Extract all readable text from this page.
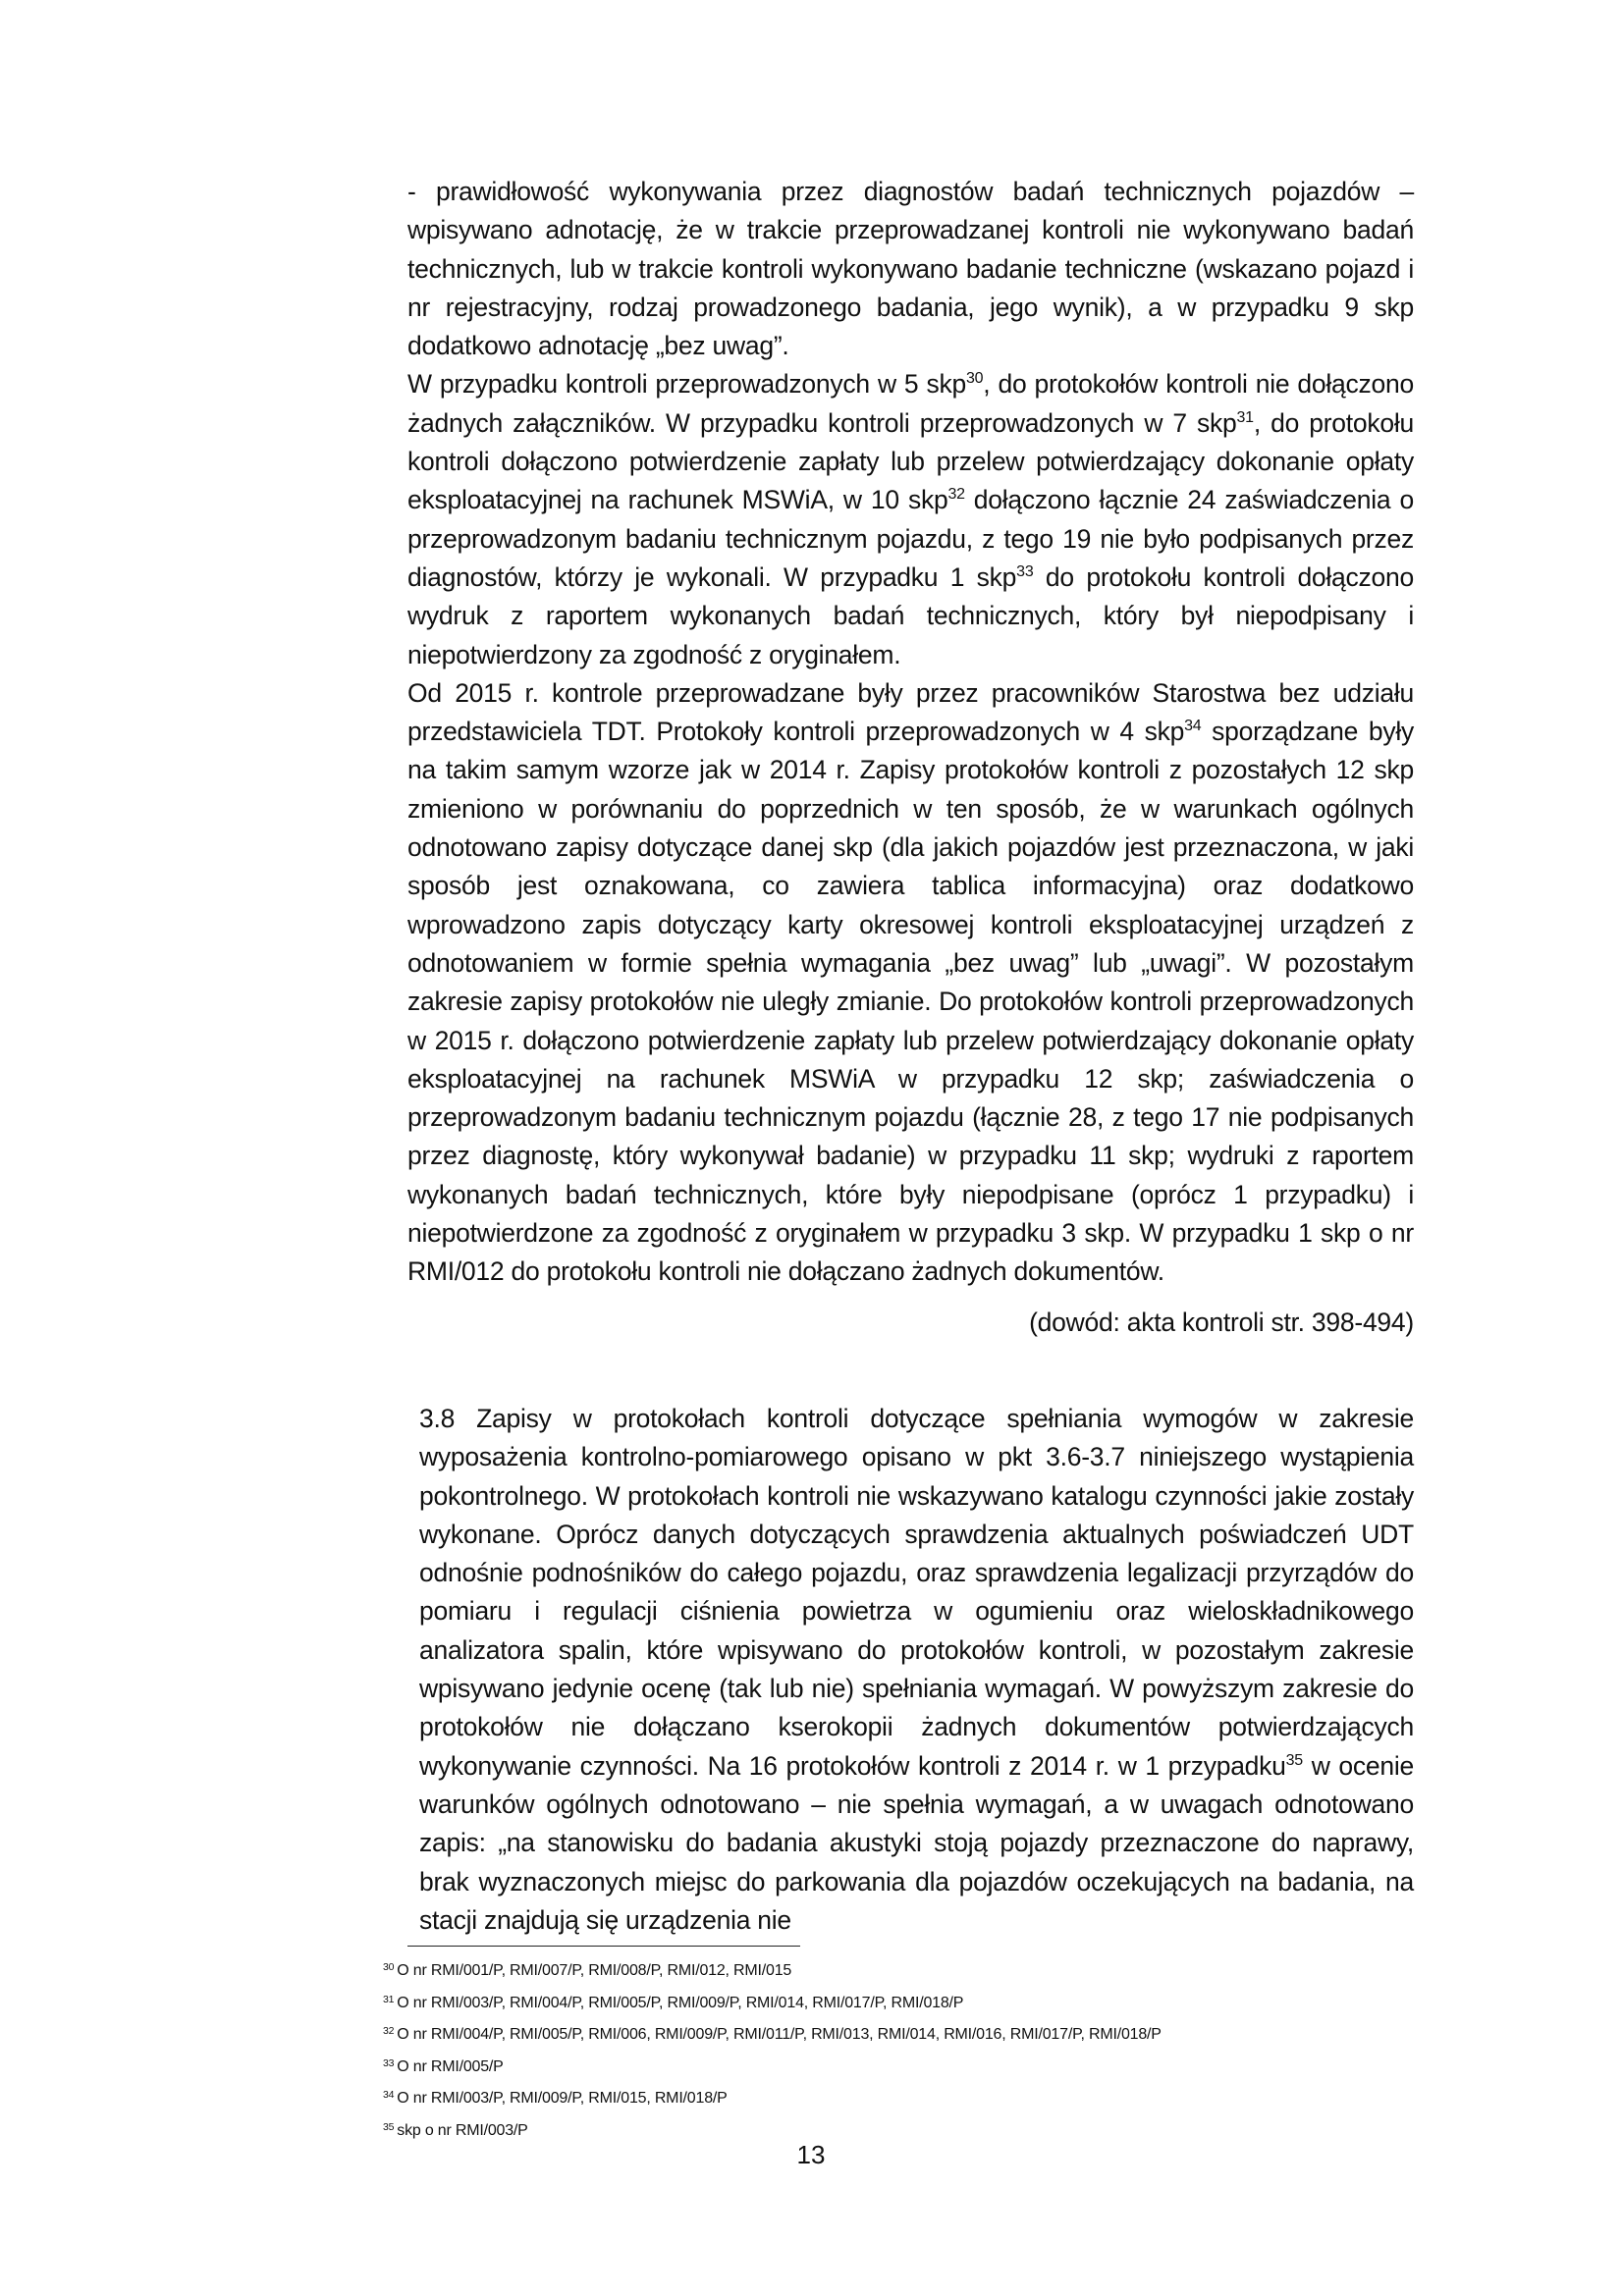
- prawidłowość wykonywania przez diagnostów badań technicznych pojazdów – wpisywano adnotację, że w trakcie przeprowadzanej kontroli nie wykonywano badań technicznych, lub w trakcie kontroli wykonywano badanie techniczne (wskazano pojazd i nr rejestracyjny, rodzaj prowadzonego badania, jego wynik), a w przypadku 9 skp dodatkowo adnotację „bez uwag”.

W przypadku kontroli przeprowadzonych w 5 skp$^{30}$, do protokołów kontroli nie dołączono żadnych załączników. W przypadku kontroli przeprowadzonych w 7 skp$^{31}$, do protokołu kontroli dołączono potwierdzenie zapłaty lub przelew potwierdzający dokonanie opłaty eksploatacyjnej na rachunek MSWiA, w 10 skp$^{32}$ dołączono łącznie 24 zaświadczenia o przeprowadzonym badaniu technicznym pojazdu, z tego 19 nie było podpisanych przez diagnostów, którzy je wykonali. W przypadku 1 skp$^{33}$ do protokołu kontroli dołączono wydruk z raportem wykonanych badań technicznych, który był niepodpisany i niepotwierdzony za zgodność z oryginałem.

Od 2015 r. kontrole przeprowadzane były przez pracowników Starostwa bez udziału przedstawiciela TDT. Protokoły kontroli przeprowadzonych w 4 skp$^{34}$ sporządzane były na takim samym wzorze jak w 2014 r. Zapisy protokołów kontroli z pozostałych 12 skp zmieniono w porównaniu do poprzednich w ten sposób, że w warunkach ogólnych odnotowano zapisy dotyczące danej skp (dla jakich pojazdów jest przeznaczona, w jaki sposób jest oznakowana, co zawiera tablica informacyjna) oraz dodatkowo wprowadzono zapis dotyczący karty okresowej kontroli eksploatacyjnej urządzeń z odnotowaniem w formie spełnia wymagania „bez uwag” lub „uwagi”. W pozostałym zakresie zapisy protokołów nie uległy zmianie. Do protokołów kontroli przeprowadzonych w 2015 r. dołączono potwierdzenie zapłaty lub przelew potwierdzający dokonanie opłaty eksploatacyjnej na rachunek MSWiA w przypadku 12 skp; zaświadczenia o przeprowadzonym badaniu technicznym pojazdu (łącznie 28, z tego 17 nie podpisanych przez diagnostę, który wykonywał badanie) w przypadku 11 skp; wydruki z raportem wykonanych badań technicznych, które były niepodpisane (oprócz 1 przypadku) i niepotwierdzone za zgodność z oryginałem w przypadku 3 skp. W przypadku 1 skp o nr RMI/012 do protokołu kontroli nie dołączano żadnych dokumentów.

(dowód: akta kontroli str. 398-494)

3.8 Zapisy w protokołach kontroli dotyczące spełniania wymogów w zakresie wyposażenia kontrolno-pomiarowego opisano w pkt 3.6-3.7 niniejszego wystąpienia pokontrolnego. W protokołach kontroli nie wskazywano katalogu czynności jakie zostały wykonane. Oprócz danych dotyczących sprawdzenia aktualnych poświadczeń UDT odnośnie podnośników do całego pojazdu, oraz sprawdzenia legalizacji przyrządów do pomiaru i regulacji ciśnienia powietrza w ogumieniu oraz wieloskładnikowego analizatora spalin, które wpisywano do protokołów kontroli, w pozostałym zakresie wpisywano jedynie ocenę (tak lub nie) spełniania wymagań. W powyższym zakresie do protokołów nie dołączano kserokopii żadnych dokumentów potwierdzających wykonywanie czynności. Na 16 protokołów kontroli z 2014 r. w 1 przypadku$^{35}$ w ocenie warunków ogólnych odnotowano – nie spełnia wymagań, a w uwagach odnotowano zapis: „na stanowisku do badania akustyki stoją pojazdy przeznaczone do naprawy, brak wyznaczonych miejsc do parkowania dla pojazdów oczekujących na badania, na stacji znajdują się urządzenia nie

$^{30}$ O nr RMI/001/P, RMI/007/P, RMI/008/P, RMI/012, RMI/015

$^{31}$ O nr RMI/003/P, RMI/004/P, RMI/005/P, RMI/009/P, RMI/014, RMI/017/P, RMI/018/P

$^{32}$ O nr RMI/004/P, RMI/005/P, RMI/006, RMI/009/P, RMI/011/P, RMI/013, RMI/014, RMI/016, RMI/017/P, RMI/018/P

$^{33}$ O nr RMI/005/P

$^{34}$ O nr RMI/003/P, RMI/009/P, RMI/015, RMI/018/P

$^{35}$ skp o nr RMI/003/P

13
